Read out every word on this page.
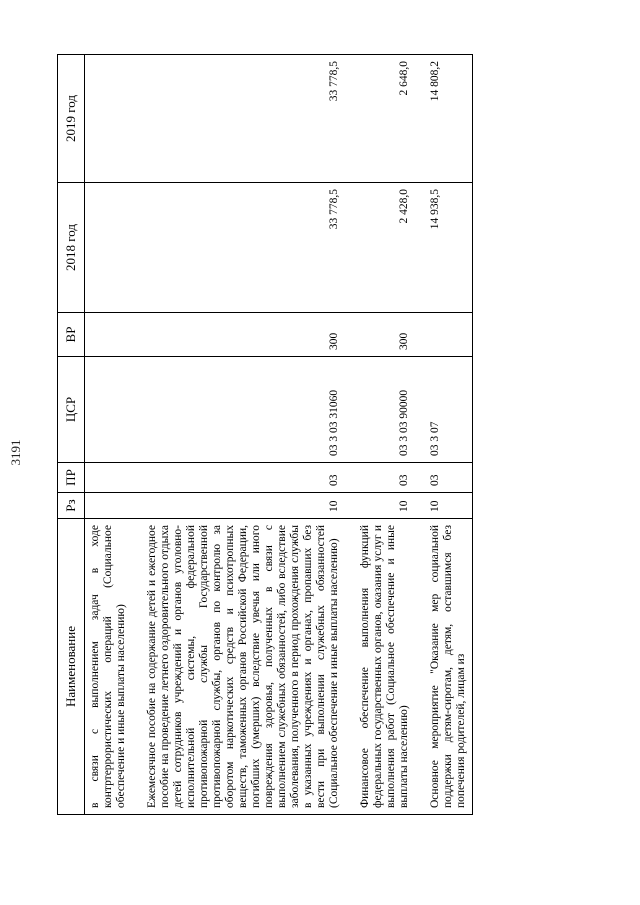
3191
Наименование	Рз	ПР	ЦСР	ВР	2018 год	2019 год
в связи с выполнением задач в ходе контртеррористических операций (Социальное обеспечение и иные выплаты населению)						

Ежемесячное пособие на содержание детей и ежегодное пособие на проведение летнего оздоровительного отдыха детей сотрудников учреждений и органов уголовно-исполнительной системы, федеральной противопожарной службы Государственной противопожарной службы, органов по контролю за оборотом наркотических средств и психотропных веществ, таможенных органов Российской Федерации, погибших (умерших) вследствие увечья или иного повреждения здоровья, полученных в связи с выполнением служебных обязанностей, либо вследствие заболевания, полученного в период прохождения службы в указанных учреждениях и органах, пропавших без вести при выполнении служебных обязанностей (Социальное обеспечение и иные выплаты населению)	10	03	03 3 03 31060	300	33 778,5	33 778,5

Финансовое обеспечение выполнения функций федеральных государственных органов, оказания услуг и выполнения работ (Социальное обеспечение и иные выплаты населению)	10	03	03 3 03 90000	300	2 428,0	2 648,0

Основное мероприятие "Оказание мер социальной поддержки детям-сиротам, детям, оставшимся без попечения родителей, лицам из	10	03	03 3 07		14 938,5	14 808,2
